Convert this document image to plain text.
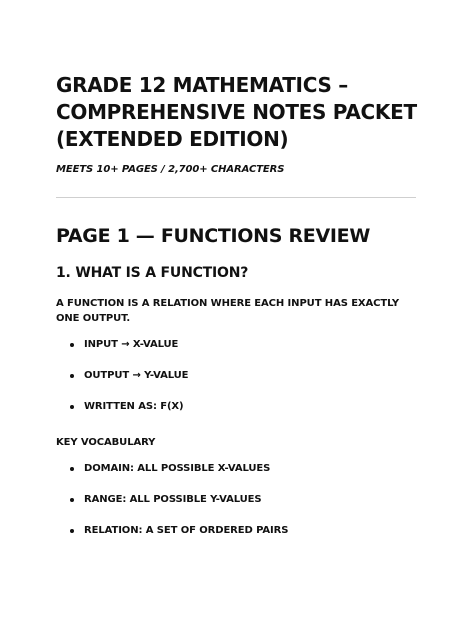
GRADE 12 MATHEMATICS –
COMPREHENSIVE NOTES PACKET
(EXTENDED EDITION)

MEETS 10+ PAGES / 2,700+ CHARACTERS

PAGE 1 — FUNCTIONS REVIEW
1. WHAT IS A FUNCTION?

A FUNCTION IS A RELATION WHERE EACH INPUT HAS EXACTLY ONE OUTPUT.

INPUT → X-VALUE
OUTPUT → Y-VALUE
WRITTEN AS: F(X)

KEY VOCABULARY

DOMAIN: ALL POSSIBLE X-VALUES
RANGE: ALL POSSIBLE Y-VALUES
RELATION: A SET OF ORDERED PAIRS
